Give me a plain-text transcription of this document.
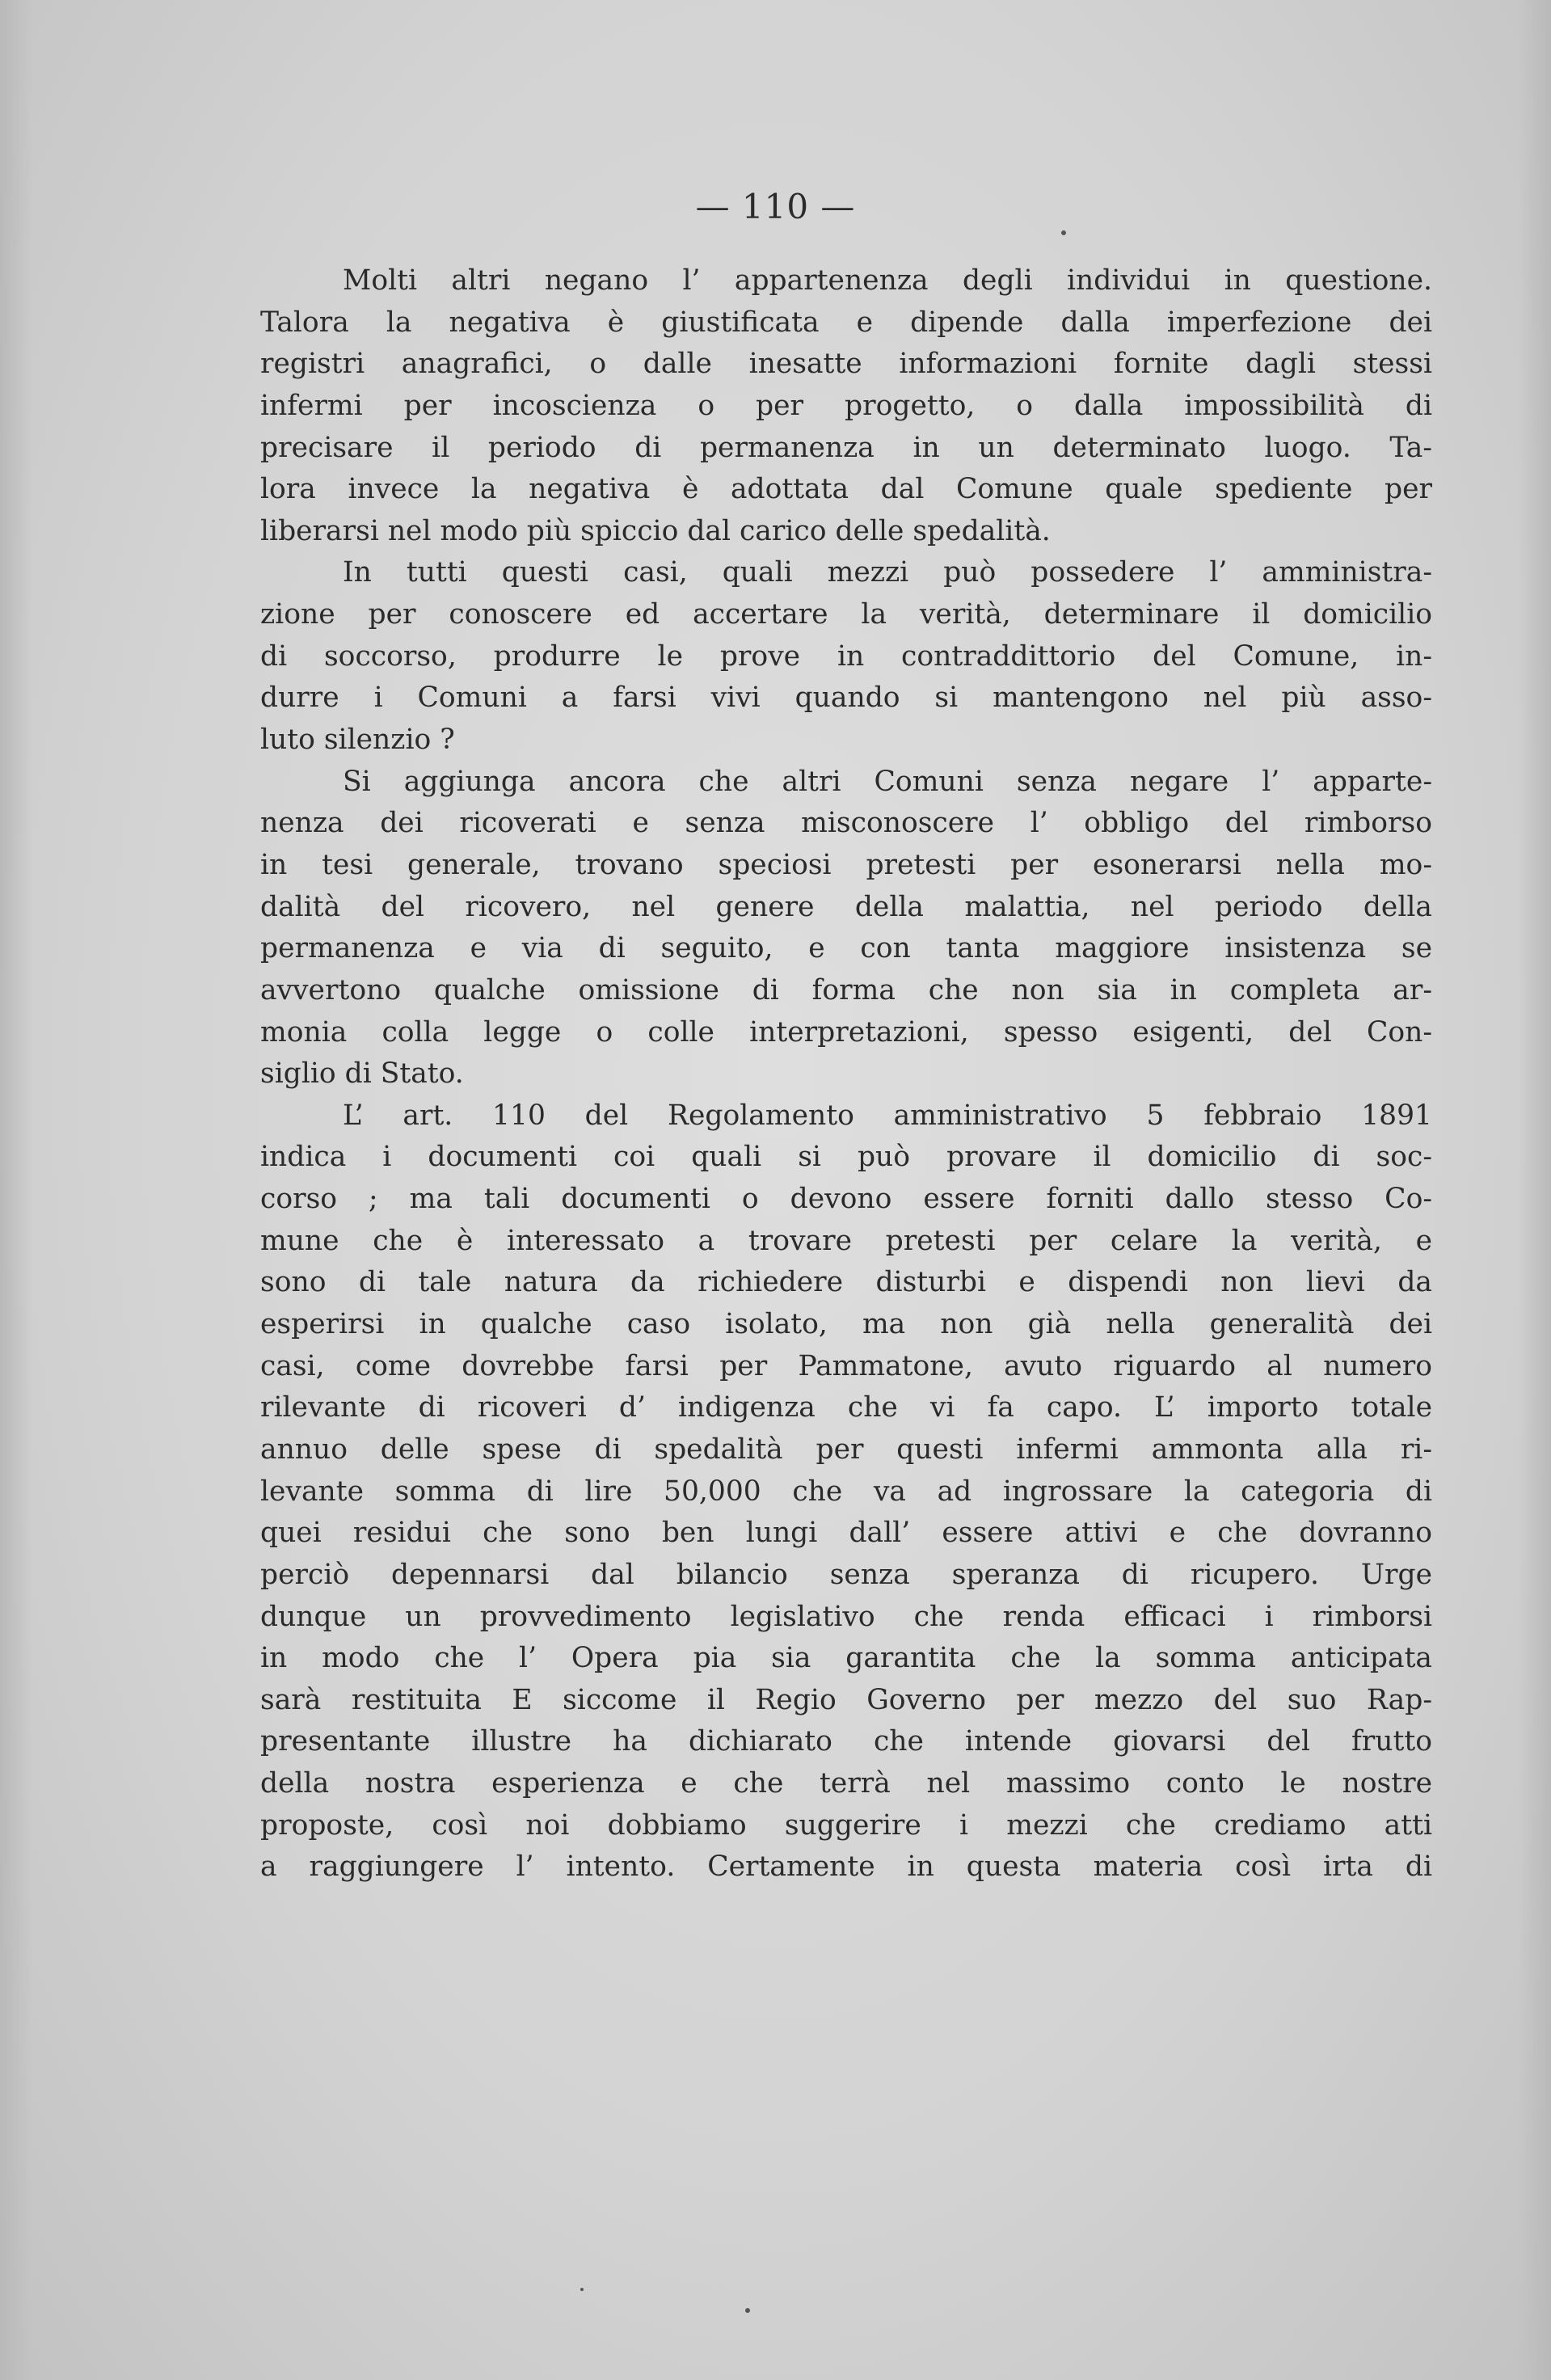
— 110 —
Molti altri negano l’ appartenenza degli individui in questione.
Talora la negativa è giustificata e dipende dalla imperfezione dei
registri anagrafici, o dalle inesatte informazioni fornite dagli stessi
infermi per incoscienza o per progetto, o dalla impossibilità di
precisare il periodo di permanenza in un determinato luogo. Ta-
lora invece la negativa è adottata dal Comune quale spediente per
liberarsi nel modo più spiccio dal carico delle spedalità.
In tutti questi casi, quali mezzi può possedere l’ amministra-
zione per conoscere ed accertare la verità, determinare il domicilio
di soccorso, produrre le prove in contraddittorio del Comune, in-
durre i Comuni a farsi vivi quando si mantengono nel più asso-
luto silenzio ?
Si aggiunga ancora che altri Comuni senza negare l’ apparte-
nenza dei ricoverati e senza misconoscere l’ obbligo del rimborso
in tesi generale, trovano speciosi pretesti per esonerarsi nella mo-
dalità del ricovero, nel genere della malattia, nel periodo della
permanenza e via di seguito, e con tanta maggiore insistenza se
avvertono qualche omissione di forma che non sia in completa ar-
monia colla legge o colle interpretazioni, spesso esigenti, del Con-
siglio di Stato.
L’ art. 110 del Regolamento amministrativo 5 febbraio 1891
indica i documenti coi quali si può provare il domicilio di soc-
corso ; ma tali documenti o devono essere forniti dallo stesso Co-
mune che è interessato a trovare pretesti per celare la verità, e
sono di tale natura da richiedere disturbi e dispendi non lievi da
esperirsi in qualche caso isolato, ma non già nella generalità dei
casi, come dovrebbe farsi per Pammatone, avuto riguardo al numero
rilevante di ricoveri d’ indigenza che vi fa capo. L’ importo totale
annuo delle spese di spedalità per questi infermi ammonta alla ri-
levante somma di lire 50,000 che va ad ingrossare la categoria di
quei residui che sono ben lungi dall’ essere attivi e che dovranno
perciò depennarsi dal bilancio senza speranza di ricupero. Urge
dunque un provvedimento legislativo che renda efficaci i rimborsi
in modo che l’ Opera pia sia garantita che la somma anticipata
sarà restituita E siccome il Regio Governo per mezzo del suo Rap-
presentante illustre ha dichiarato che intende giovarsi del frutto
della nostra esperienza e che terrà nel massimo conto le nostre
proposte, così noi dobbiamo suggerire i mezzi che crediamo atti
a raggiungere l’ intento. Certamente in questa materia così irta di
